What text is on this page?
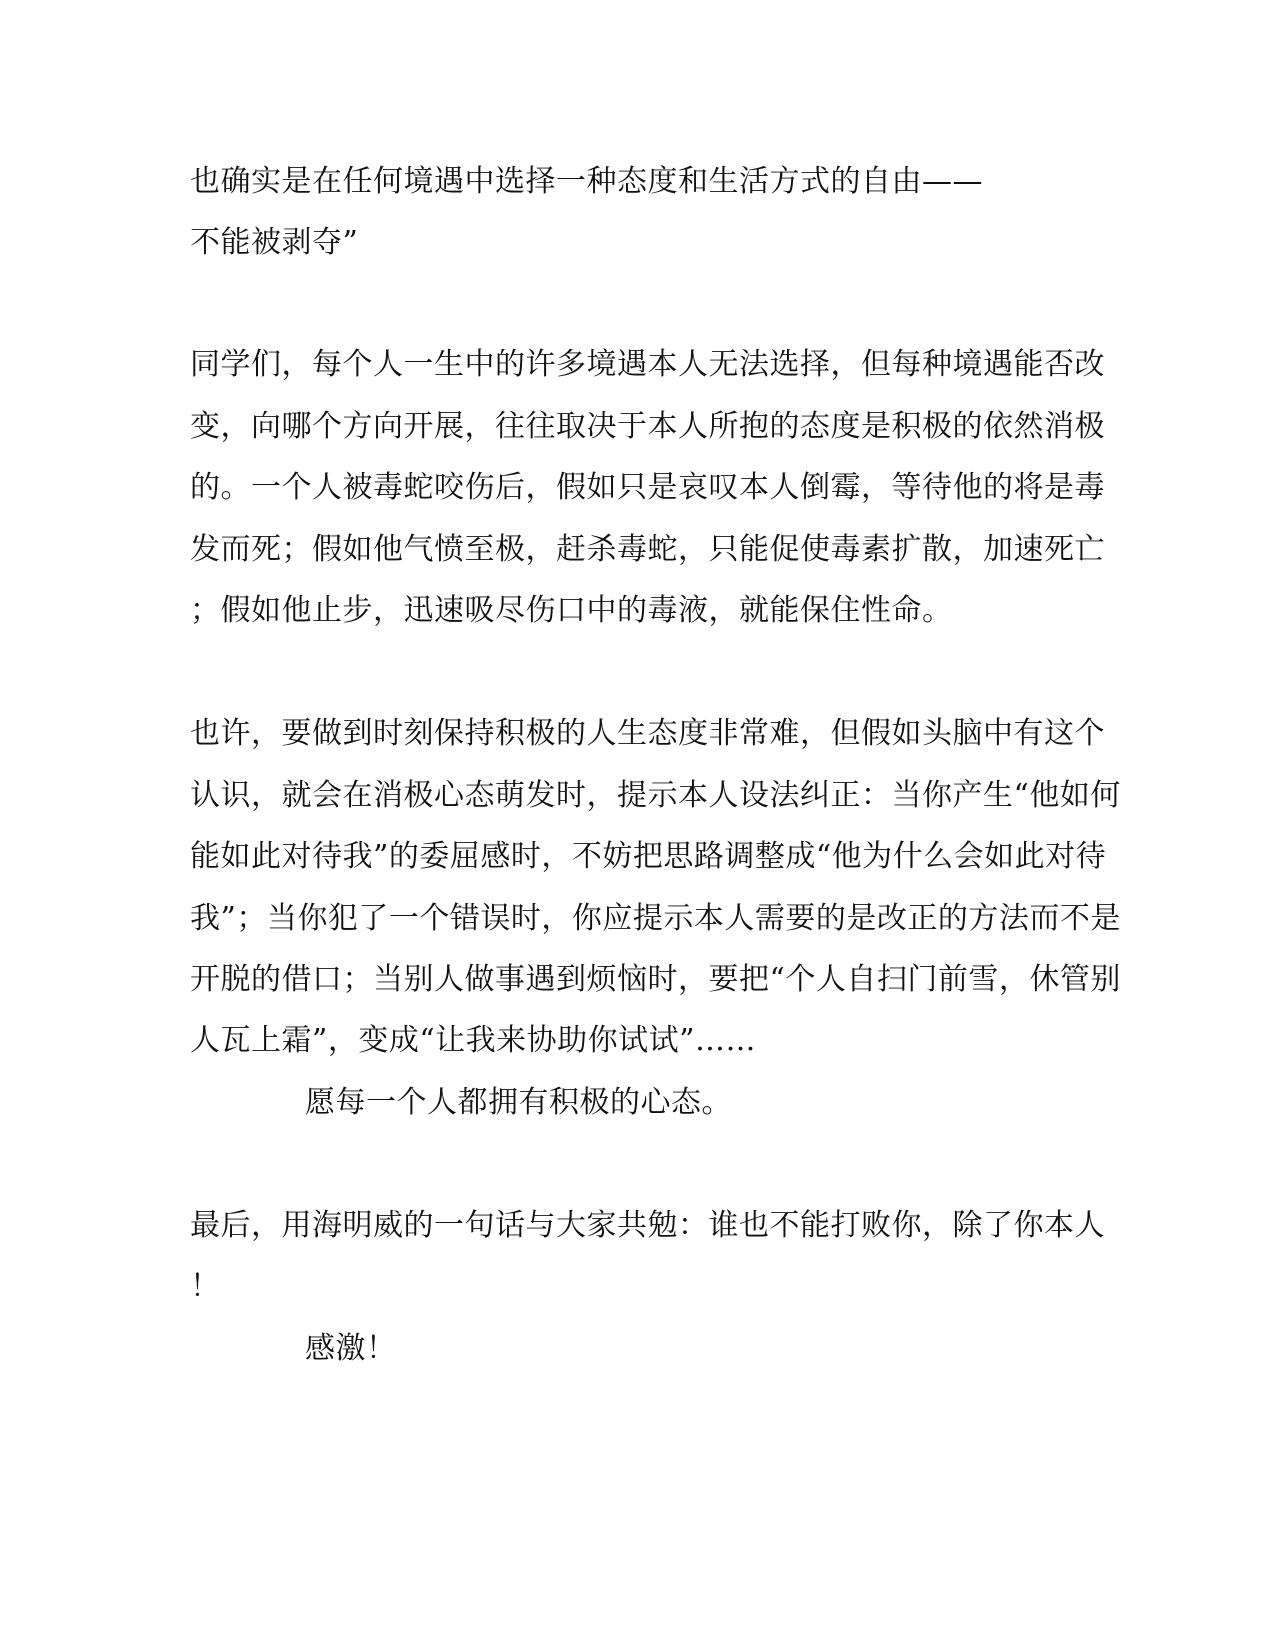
也确实是在任何境遇中选择一种态度和生活方式的自由——
不能被剥夺”
同学们，每个人一生中的许多境遇本人无法选择，但每种境遇能否改
变，向哪个方向开展，往往取决于本人所抱的态度是积极的依然消极
的。一个人被毒蛇咬伤后，假如只是哀叹本人倒霉，等待他的将是毒
发而死；假如他气愤至极，赶杀毒蛇，只能促使毒素扩散，加速死亡
；假如他止步，迅速吸尽伤口中的毒液，就能保住性命。
也许，要做到时刻保持积极的人生态度非常难，但假如头脑中有这个
认识，就会在消极心态萌发时，提示本人设法纠正：当你产生“他如何
能如此对待我”的委屈感时，不妨把思路调整成“他为什么会如此对待
我”；当你犯了一个错误时，你应提示本人需要的是改正的方法而不是
开脱的借口；当别人做事遇到烦恼时，要把“个人自扫门前雪，休管别
人瓦上霜”，变成“让我来协助你试试”……
愿每一个人都拥有积极的心态。
最后，用海明威的一句话与大家共勉：谁也不能打败你，除了你本人
！
感激！
